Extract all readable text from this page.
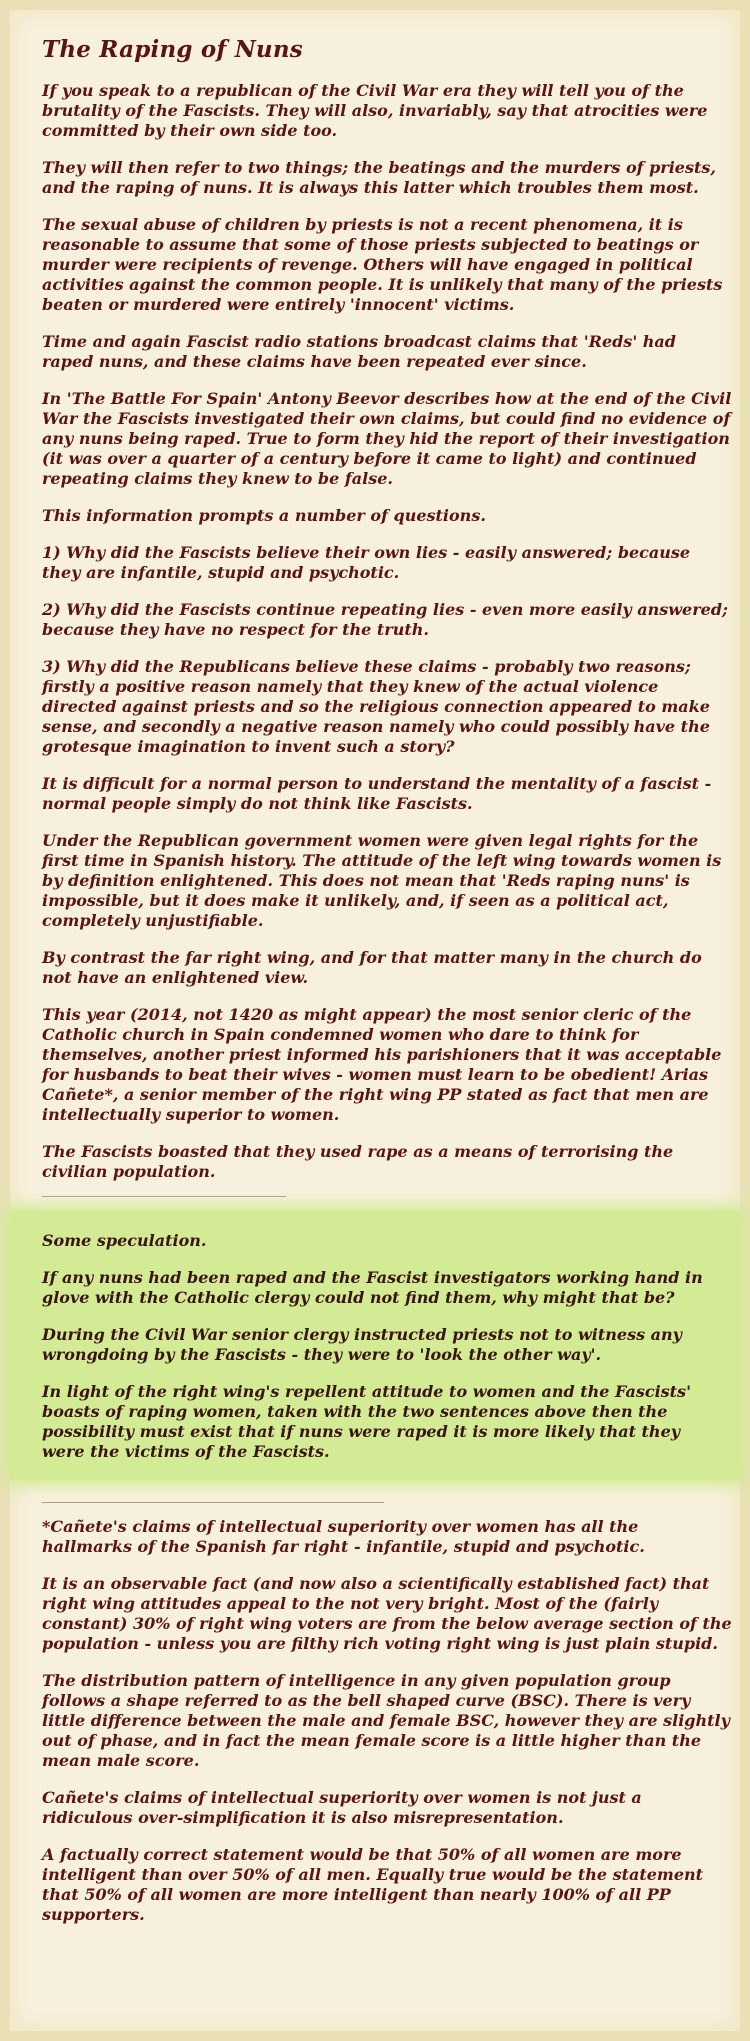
The Raping of Nuns

If you speak to a republican of the Civil War era they will tell you of the brutality of the Fascists. They will also, invariably, say that atrocities were committed by their own side too.

They will then refer to two things; the beatings and the murders of priests, and the raping of nuns. It is always this latter which troubles them most.

The sexual abuse of children by priests is not a recent phenomena, it is reasonable to assume that some of those priests subjected to beatings or murder were recipients of revenge. Others will have engaged in political activities against the common people. It is unlikely that many of the priests beaten or murdered were entirely 'innocent' victims.

Time and again Fascist radio stations broadcast claims that 'Reds' had raped nuns, and these claims have been repeated ever since.

In 'The Battle For Spain' Antony Beevor describes how at the end of the Civil War the Fascists investigated their own claims, but could find no evidence of any nuns being raped. True to form they hid the report of their investigation (it was over a quarter of a century before it came to light) and continued repeating claims they knew to be false.

This information prompts a number of questions.

1) Why did the Fascists believe their own lies - easily answered; because they are infantile, stupid and psychotic.

2) Why did the Fascists continue repeating lies - even more easily answered; because they have no respect for the truth.

3) Why did the Republicans believe these claims - probably two reasons; firstly a positive reason namely that they knew of the actual violence directed against priests and so the religious connection appeared to make sense, and secondly a negative reason namely who could possibly have the grotesque imagination to invent such a story?

It is difficult for a normal person to understand the mentality of a fascist - normal people simply do not think like Fascists.

Under the Republican government women were given legal rights for the first time in Spanish history. The attitude of the left wing towards women is by definition enlightened. This does not mean that 'Reds raping nuns' is impossible, but it does make it unlikely, and, if seen as a political act, completely unjustifiable.

By contrast the far right wing, and for that matter many in the church do not have an enlightened view.

This year (2014, not 1420 as might appear) the most senior cleric of the Catholic church in Spain condemned women who dare to think for themselves, another priest informed his parishioners that it was acceptable for husbands to beat their wives - women must learn to be obedient! Arias Cañete*, a senior member of the right wing PP stated as fact that men are intellectually superior to women.

The Fascists boasted that they used rape as a means of terrorising the civilian population.

Some speculation.

If any nuns had been raped and the Fascist investigators working hand in glove with the Catholic clergy could not find them, why might that be?

During the Civil War senior clergy instructed priests not to witness any wrongdoing by the Fascists - they were to 'look the other way'.

In light of the right wing's repellent attitude to women and the Fascists' boasts of raping women, taken with the two sentences above then the possibility must exist that if nuns were raped it is more likely that they were the victims of the Fascists.

*Cañete's claims of intellectual superiority over women has all the hallmarks of the Spanish far right - infantile, stupid and psychotic.

It is an observable fact (and now also a scientifically established fact) that right wing attitudes appeal to the not very bright. Most of the (fairly constant) 30% of right wing voters are from the below average section of the population - unless you are filthy rich voting right wing is just plain stupid.

The distribution pattern of intelligence in any given population group follows a shape referred to as the bell shaped curve (BSC). There is very little difference between the male and female BSC, however they are slightly out of phase, and in fact the mean female score is a little higher than the mean male score.

Cañete's claims of intellectual superiority over women is not just a ridiculous over-simplification it is also misrepresentation.

A factually correct statement would be that 50% of all women are more intelligent than over 50% of all men. Equally true would be the statement that 50% of all women are more intelligent than nearly 100% of all PP supporters.
